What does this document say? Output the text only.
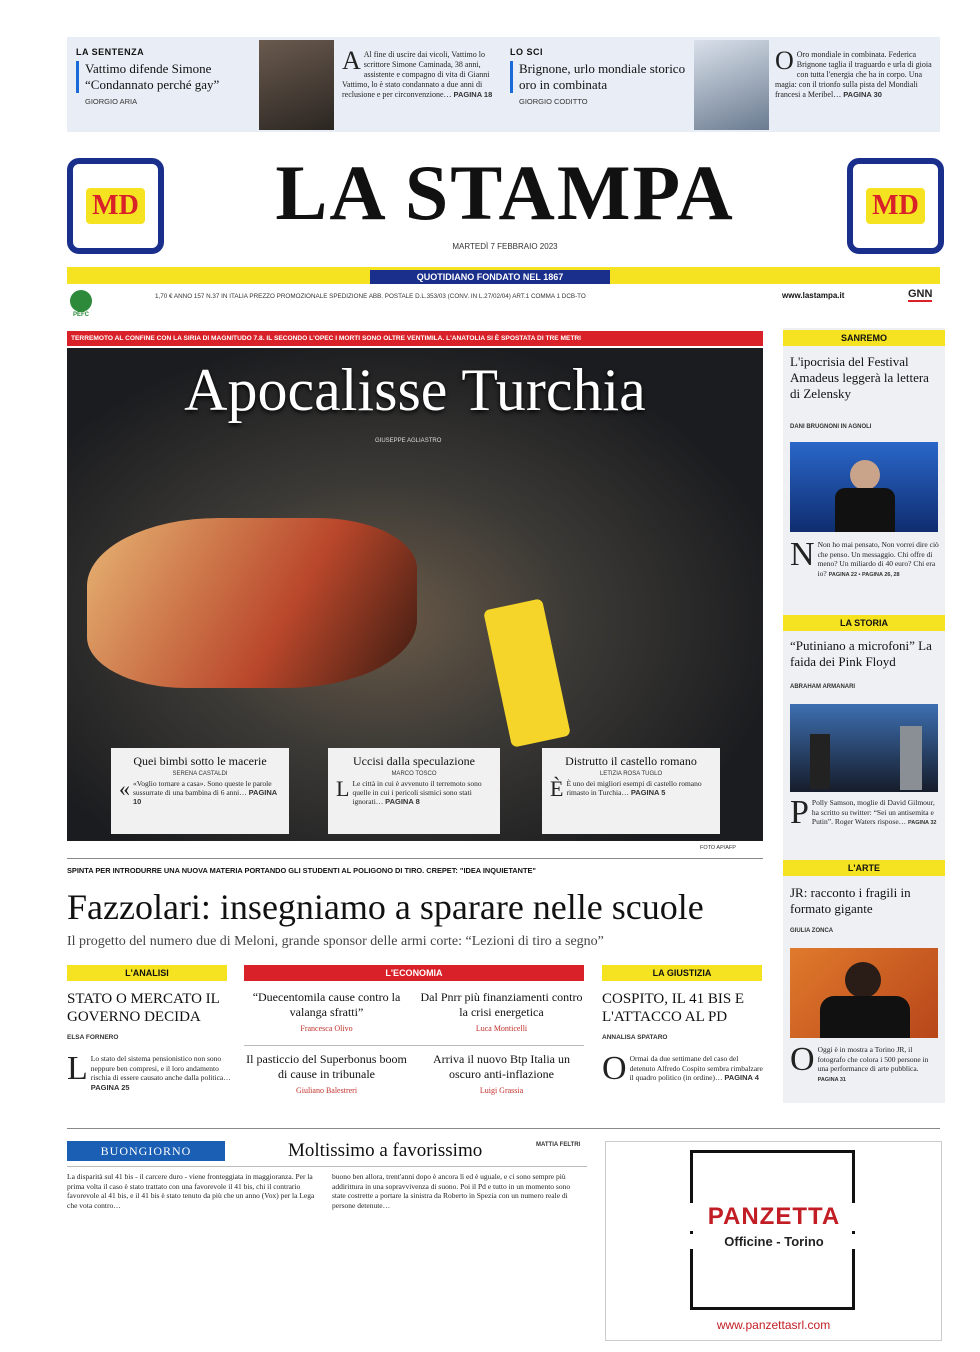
LA SENTENZA
Vattimo difende Simone “Condannato perché gay”
GIORGIO ARIA
A Al fine di uscire dai vicoli, Vattimo lo scrittore Simone Caminada, 38 anni, assistente e compagno di vita di Gianni Vattimo, lo è stato condannato a due anni di reclusione e per circonvenzione… PAGINA 18
LO SCI
Brignone, urlo mondiale storico oro in combinata
GIORGIO CODITTO
O Oro mondiale in combinata. Federica Brignone taglia il traguardo e urla di gioia con tutta l'energia che ha in corpo. Una magia: con il trionfo sulla pista del Mondiali francesi a Meribel… PAGINA 30
MD	MD
LA STAMPA
MARTEDÌ 7 FEBBRAIO 2023
QUOTIDIANO FONDATO NEL 1867
PEFC
1,70 € ANNO 157 N.37 IN ITALIA PREZZO PROMOZIONALE SPEDIZIONE ABB. POSTALE D.L.353/03 (CONV. IN L.27/02/04) ART.1 COMMA 1 DCB-TO	www.lastampa.it	GNN
TERREMOTO AL CONFINE CON LA SIRIA DI MAGNITUDO 7.8. IL SECONDO L'OPEC I MORTI SONO OLTRE VENTIMILA. L'ANATOLIA SI È SPOSTATA DI TRE METRI
Apocalisse Turchia
GIUSEPPE AGLIASTRO
Quei bimbi sotto le macerie
SERENA CASTALDI
« «Voglio tornare a casa». Sono queste le parole sussurrate di una bambina di 6 anni… PAGINA 10
Uccisi dalla speculazione
MARCO TOSCO
L Le città in cui è avvenuto il terremoto sono quelle in cui i pericoli sismici sono stati ignorati… PAGINA 8
Distrutto il castello romano
LETIZIA ROSA TUGLO
È È uno dei migliori esempi di castello romano rimasto in Turchia… PAGINA 5
FOTO AP/AFP
SPINTA PER INTRODURRE UNA NUOVA MATERIA PORTANDO GLI STUDENTI AL POLIGONO DI TIRO. CREPET: "IDEA INQUIETANTE"
Fazzolari: insegniamo a sparare nelle scuole
Il progetto del numero due di Meloni, grande sponsor delle armi corte: “Lezioni di tiro a segno”
L'ANALISI
STATO O MERCATO IL GOVERNO DECIDA
ELSA FORNERO
L Lo stato del sistema pensionistico non sono neppure ben compresi, e il loro andamento rischia di essere causato anche dalla politica… PAGINA 25
L'ECONOMIA
“Duecentomila cause contro la valanga sfratti”
Francesca Olivo
Dal Pnrr più finanziamenti contro la crisi energetica
Luca Monticelli
Il pasticcio del Superbonus boom di cause in tribunale
Giuliano Balestreri
Arriva il nuovo Btp Italia un oscuro anti-inflazione
Luigi Grassia
LA GIUSTIZIA
COSPITO, IL 41 BIS E L'ATTACCO AL PD
ANNALISA SPATARO
O Ormai da due settimane del caso del detenuto Alfredo Cospito sembra rimbalzare il quadro politico (in ordine)… PAGINA 4
SANREMO
L'ipocrisia del Festival Amadeus leggerà la lettera di Zelensky
DANI BRUGNONI IN AGNOLI
N Non ho mai pensato, Non vorrei dire ciò che penso. Un messaggio. Chi offre di meno? Un miliardo di 40 euro? Chi era io? PAGINA 22 • PAGINA 26, 28
LA STORIA
“Putiniano a microfoni” La faida dei Pink Floyd
ABRAHAM ARMANARI
P Polly Samson, moglie di David Gilmour, ha scritto su twitter: “Sei un antisemita e Putin”. Roger Waters rispose… PAGINA 32
L'ARTE
JR: racconto i fragili in formato gigante
GIULIA ZONCA
O Oggi è in mostra a Torino JR, il fotografo che colora i 500 persone in una performance di arte pubblica. PAGINA 31
BUONGIORNO	Moltissimo a favorissimo	MATTIA FELTRI
La disparità sul 41 bis - il carcere duro - viene fronteggiata in maggioranza. Per la prima volta il caso è stato trattato con una favorevole il 41 bis, chi il contrario favorevole al 41 bis, e il 41 bis è stato tenuto da più che un anno (Vox) per la Lega che vota contro…
buono ben allora, trent'anni dopo è ancora lì ed è uguale, e ci sono sempre più addirittura in una sopravvivenza di suono. Poi il Pd e tutto in un momento sono state costrette a portare la sinistra da Roberto in Spezia con un numero reale di persone detenute…	PANZETTA
Officine - Torino
www.panzettasrl.com
